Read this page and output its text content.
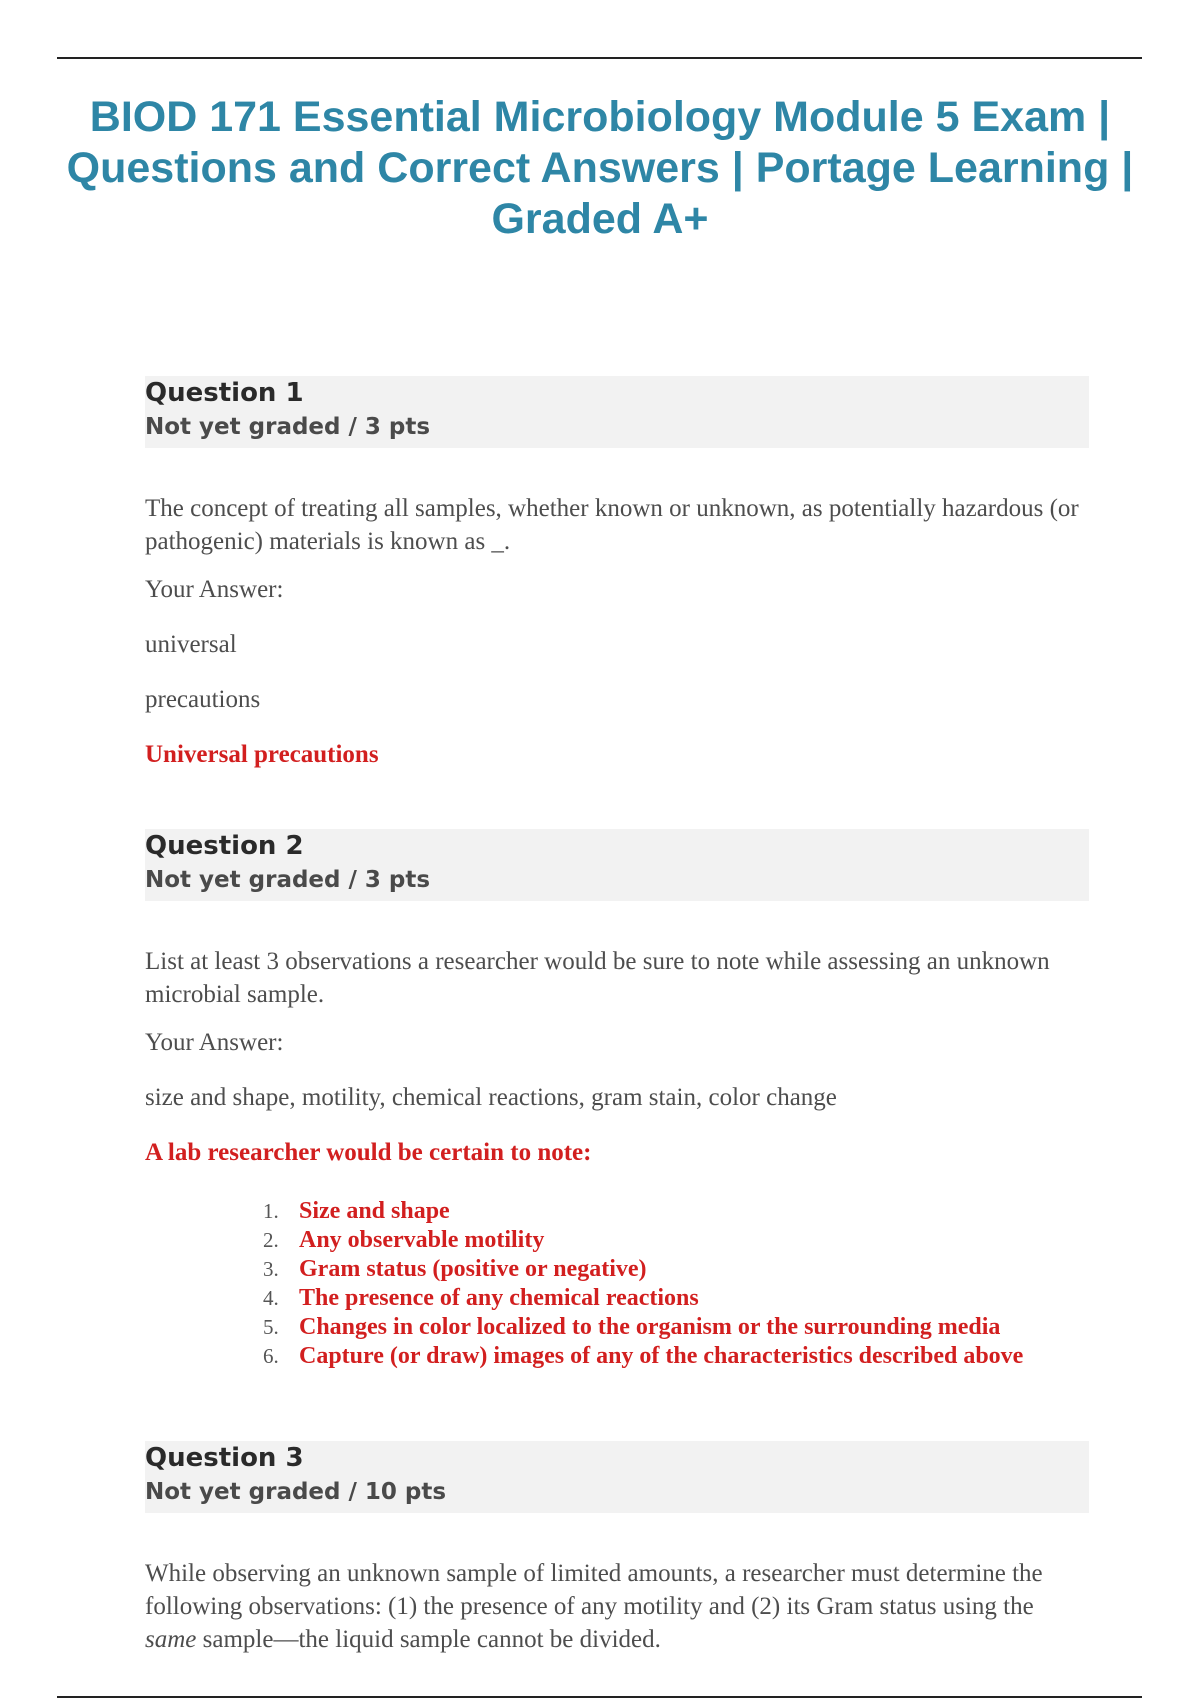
BIOD 171 Essential Microbiology Module 5 Exam | Questions and Correct Answers | Portage Learning | Graded A+
Question 1
Not yet graded / 3 pts
The concept of treating all samples, whether known or unknown, as potentially hazardous (or pathogenic) materials is known as _.
Your Answer:
universal
precautions
Universal precautions
Question 2
Not yet graded / 3 pts
List at least 3 observations a researcher would be sure to note while assessing an unknown microbial sample.
Your Answer:
size and shape, motility, chemical reactions, gram stain, color change
A lab researcher would be certain to note:
1. Size and shape
2. Any observable motility
3. Gram status (positive or negative)
4. The presence of any chemical reactions
5. Changes in color localized to the organism or the surrounding media
6. Capture (or draw) images of any of the characteristics described above
Question 3
Not yet graded / 10 pts
While observing an unknown sample of limited amounts, a researcher must determine the following observations: (1) the presence of any motility and (2) its Gram status using the same sample—the liquid sample cannot be divided.
